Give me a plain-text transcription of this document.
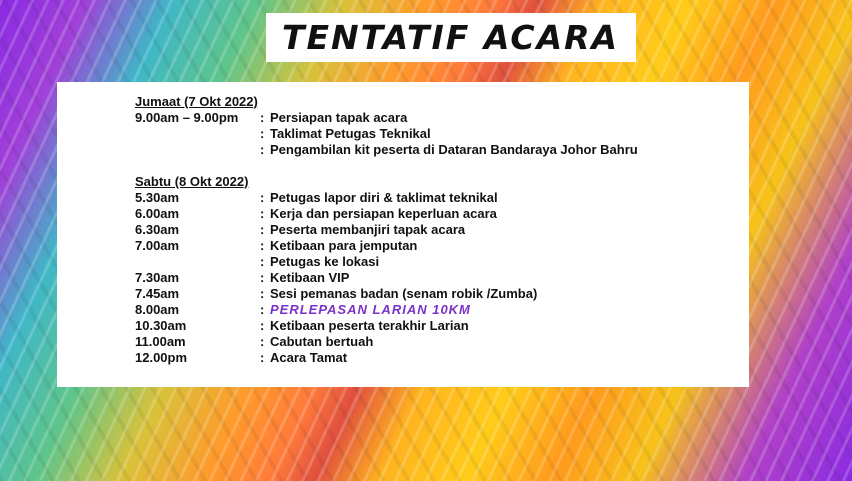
TENTATIF ACARA
Jumaat (7 Okt 2022)
9.00am – 9.00pm	: Persiapan tapak acara
: Taklimat Petugas Teknikal
: Pengambilan kit peserta di Dataran Bandaraya Johor Bahru
Sabtu (8 Okt 2022)
5.30am	: Petugas lapor diri & taklimat teknikal
6.00am	: Kerja dan persiapan keperluan acara
6.30am	: Peserta membanjiri tapak acara
7.00am	: Ketibaan para jemputan
: Petugas ke lokasi
7.30am	: Ketibaan VIP
7.45am	: Sesi pemanas badan (senam robik /Zumba)
8.00am	: PERLEPASAN LARIAN 10KM
10.30am	: Ketibaan peserta terakhir Larian
11.00am	: Cabutan bertuah
12.00pm	: Acara Tamat
